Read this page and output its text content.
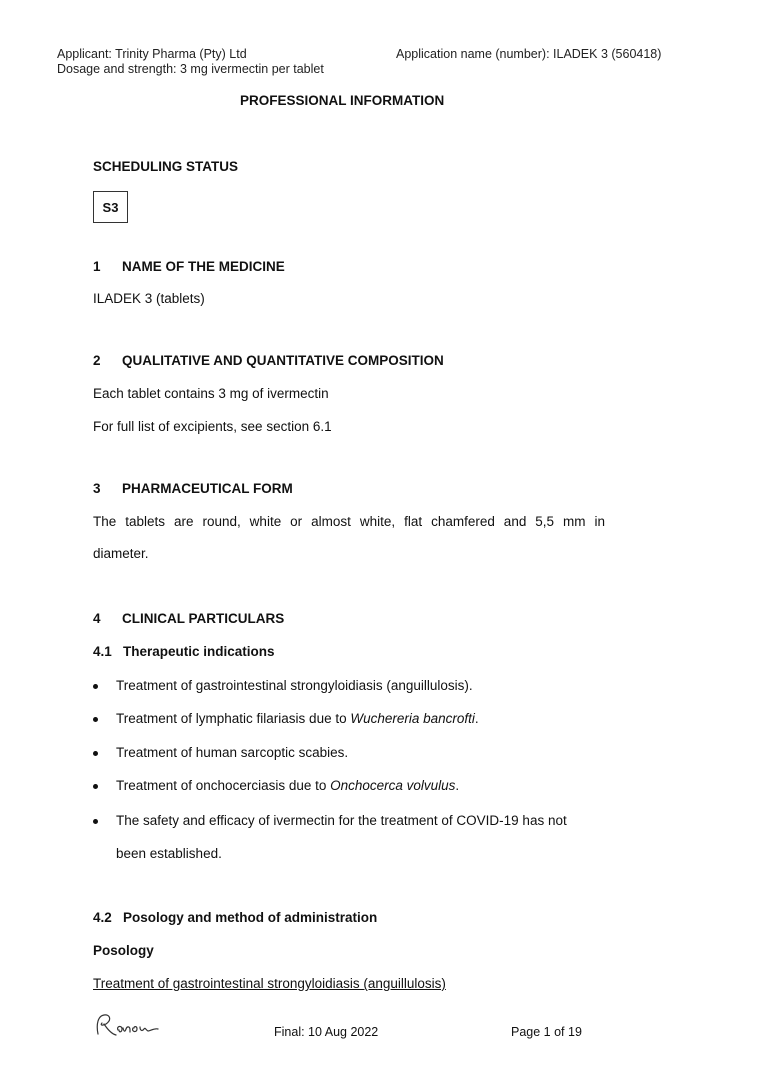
Applicant: Trinity Pharma (Pty) Ltd	Application name (number): ILADEK 3 (560418)
Dosage and strength: 3 mg ivermectin per tablet
PROFESSIONAL INFORMATION
SCHEDULING STATUS
S3
1 NAME OF THE MEDICINE
ILADEK 3 (tablets)
2 QUALITATIVE AND QUANTITATIVE COMPOSITION
Each tablet contains 3 mg of ivermectin
For full list of excipients, see section 6.1
3 PHARMACEUTICAL FORM
The tablets are round, white or almost white, flat chamfered and 5,5 mm in
diameter.
4 CLINICAL PARTICULARS
4.1 Therapeutic indications
Treatment of gastrointestinal strongyloidiasis (anguillulosis).
Treatment of lymphatic filariasis due to Wuchereria bancrofti.
Treatment of human sarcoptic scabies.
Treatment of onchocerciasis due to Onchocerca volvulus.
The safety and efficacy of ivermectin for the treatment of COVID-19 has not
been established.
4.2 Posology and method of administration
Posology
Treatment of gastrointestinal strongyloidiasis (anguillulosis)
Final: 10 Aug 2022	Page 1 of 19
